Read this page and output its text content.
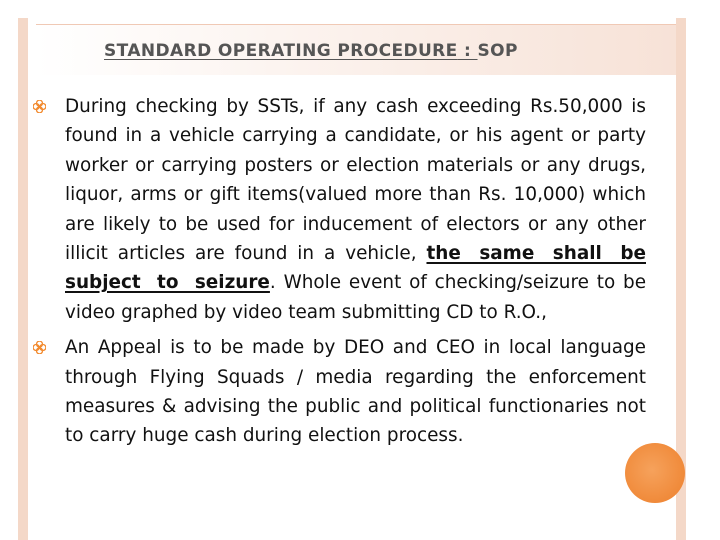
STANDARD OPERATING PROCEDURE : SOP
During checking by SSTs, if any cash exceeding Rs.50,000 is found in a vehicle carrying a candidate, or his agent or party worker or carrying posters or election materials or any drugs, liquor, arms or gift items(valued more than Rs. 10,000) which are likely to be used for inducement of electors or any other illicit articles are found in a vehicle, the same shall be subject to seizure. Whole event of checking/seizure to be video graphed by video team submitting CD to R.O.,
An Appeal is to be made by DEO and CEO in local language through Flying Squads / media regarding the enforcement measures & advising the public and political functionaries not to carry huge cash during election process.
